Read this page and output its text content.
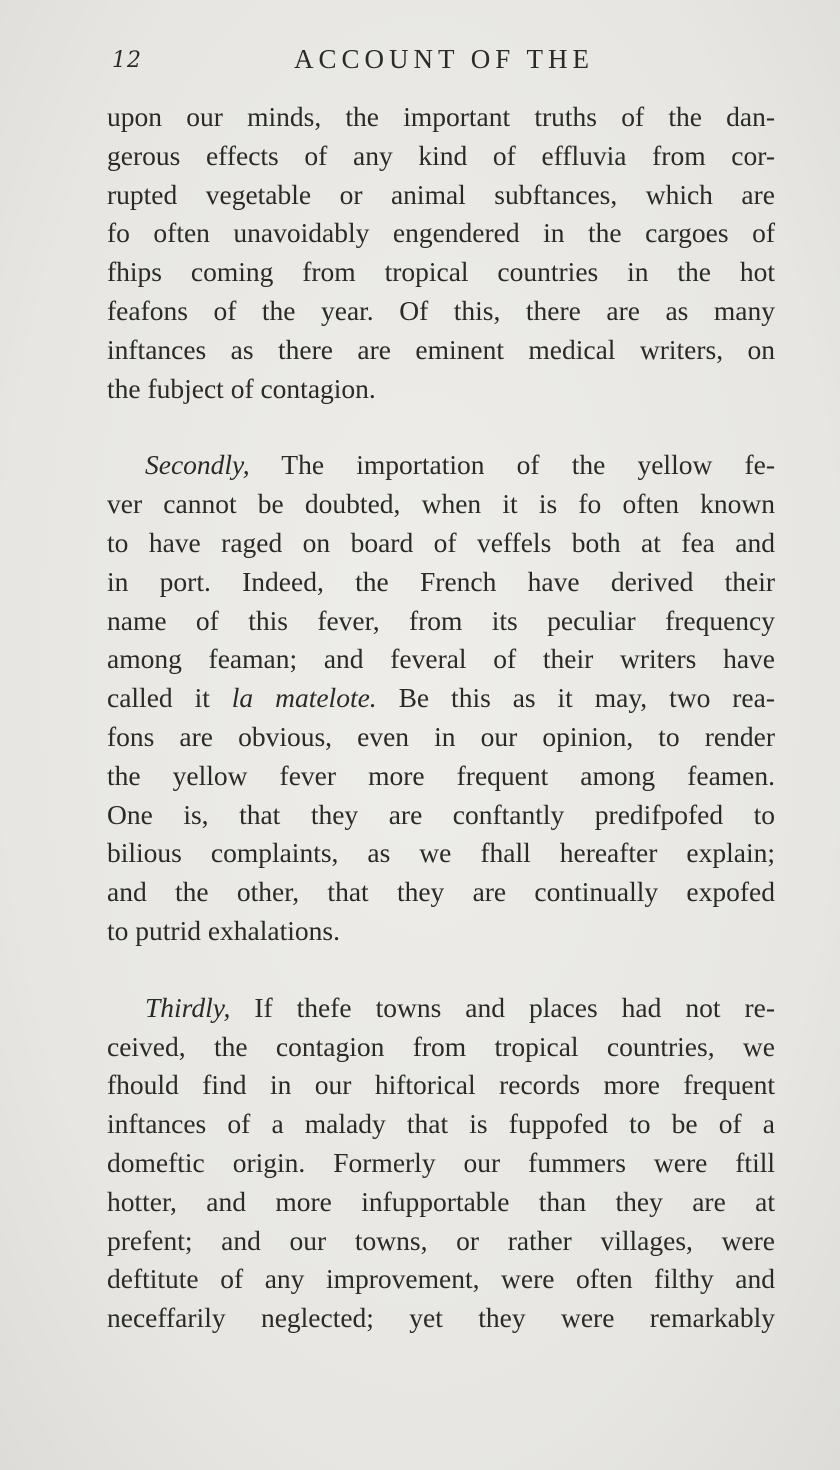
12	ACCOUNT OF THE
upon our minds, the important truths of the dan-
gerous effects of any kind of effluvia from cor-
rupted vegetable or animal subftances, which are
fo often unavoidably engendered in the cargoes of
fhips coming from tropical countries in the hot
feafons of the year. Of this, there are as many
inftances as there are eminent medical writers, on
the fubject of contagion.
Secondly, The importation of the yellow fe-
ver cannot be doubted, when it is fo often known
to have raged on board of veffels both at fea and
in port. Indeed, the French have derived their
name of this fever, from its peculiar frequency
among feaman; and feveral of their writers have
called it la matelote. Be this as it may, two rea-
fons are obvious, even in our opinion, to render
the yellow fever more frequent among feamen.
One is, that they are conftantly predifpofed to
bilious complaints, as we fhall hereafter explain;
and the other, that they are continually expofed
to putrid exhalations.
Thirdly, If thefe towns and places had not re-
ceived, the contagion from tropical countries, we
fhould find in our hiftorical records more frequent
inftances of a malady that is fuppofed to be of a
domeftic origin. Formerly our fummers were ftill
hotter, and more infupportable than they are at
prefent; and our towns, or rather villages, were
deftitute of any improvement, were often filthy and
neceffarily neglected; yet they were remarkably
